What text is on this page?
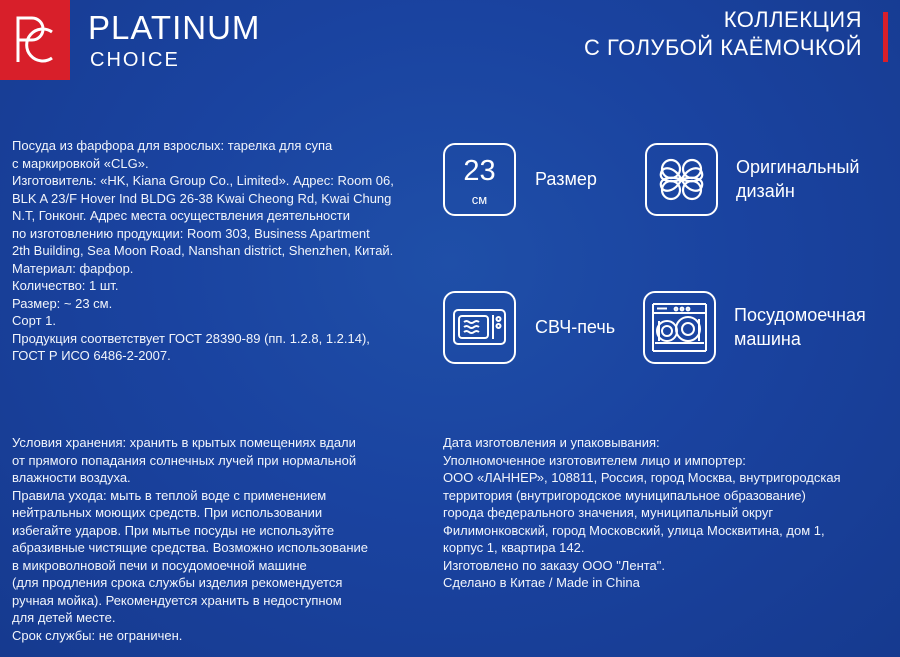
PLATINUM
CHOICE
КОЛЛЕКЦИЯ
С ГОЛУБОЙ КАЁМОЧКОЙ
Посуда из фарфора для взрослых: тарелка для супа
с маркировкой «CLG».
Изготовитель: «HK, Kiana Group Co., Limited». Адрес: Room 06,
BLK A 23/F Hover Ind BLDG 26-38 Kwai Cheong Rd, Kwai Chung
N.T, Гонконг. Адрес места осуществления деятельности
по изготовлению продукции: Room 303, Business Apartment
2th Building, Sea Moon Road, Nanshan district, Shenzhen, Китай.
Материал: фарфор.
Количество: 1 шт.
Размер: ~ 23 см.
Сорт 1.
Продукция соответствует ГОСТ 28390-89 (пп. 1.2.8, 1.2.14),
ГОСТ Р ИСО 6486-2-2007.
23
см
Размер
Оригинальный
дизайн
СВЧ-печь
Посудомоечная
машина
Условия хранения: хранить в крытых помещениях вдали
от прямого попадания солнечных лучей при нормальной
влажности воздуха.
Правила ухода: мыть в теплой воде с применением
нейтральных моющих средств. При использовании
избегайте ударов. При мытье посуды не используйте
абразивные чистящие средства. Возможно использование
в микроволновой печи и посудомоечной машине
(для продления срока службы изделия рекомендуется
ручная мойка). Рекомендуется хранить в недоступном
для детей месте.
Срок службы: не ограничен.
Дата изготовления и упаковывания:
Уполномоченное изготовителем лицо и импортер:
ООО «ЛАННЕР», 108811, Россия, город Москва, внутригородская
территория (внутригородское муниципальное образование)
города федерального значения, муниципальный округ
Филимонковский, город Московский, улица Москвитина, дом 1,
корпус 1, квартира 142.
Изготовлено по заказу ООО "Лента".
Сделано в Китае / Made in China
